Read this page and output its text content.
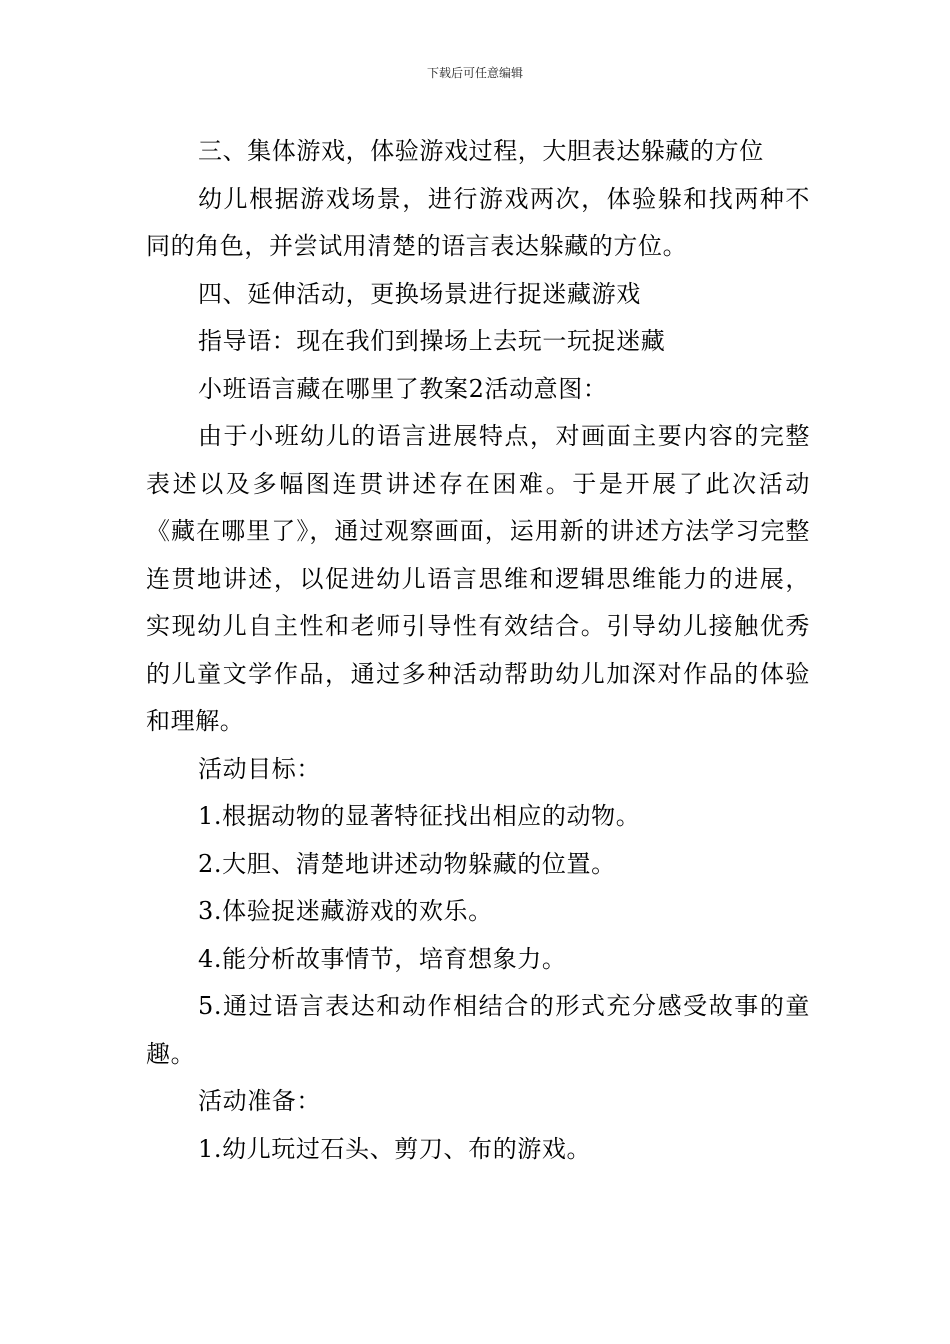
下载后可任意编辑

三、集体游戏，体验游戏过程，大胆表达躲藏的方位

幼儿根据游戏场景，进行游戏两次，体验躲和找两种不同的角色，并尝试用清楚的语言表达躲藏的方位。

四、延伸活动，更换场景进行捉迷藏游戏

指导语：现在我们到操场上去玩一玩捉迷藏

小班语言藏在哪里了教案2活动意图：

由于小班幼儿的语言进展特点，对画面主要内容的完整表述以及多幅图连贯讲述存在困难。于是开展了此次活动《藏在哪里了》，通过观察画面，运用新的讲述方法学习完整连贯地讲述，以促进幼儿语言思维和逻辑思维能力的进展，实现幼儿自主性和老师引导性有效结合。引导幼儿接触优秀的儿童文学作品，通过多种活动帮助幼儿加深对作品的体验和理解。

活动目标：

1.根据动物的显著特征找出相应的动物。

2.大胆、清楚地讲述动物躲藏的位置。

3.体验捉迷藏游戏的欢乐。

4.能分析故事情节，培育想象力。

5.通过语言表达和动作相结合的形式充分感受故事的童趣。

活动准备：

1.幼儿玩过石头、剪刀、布的游戏。
